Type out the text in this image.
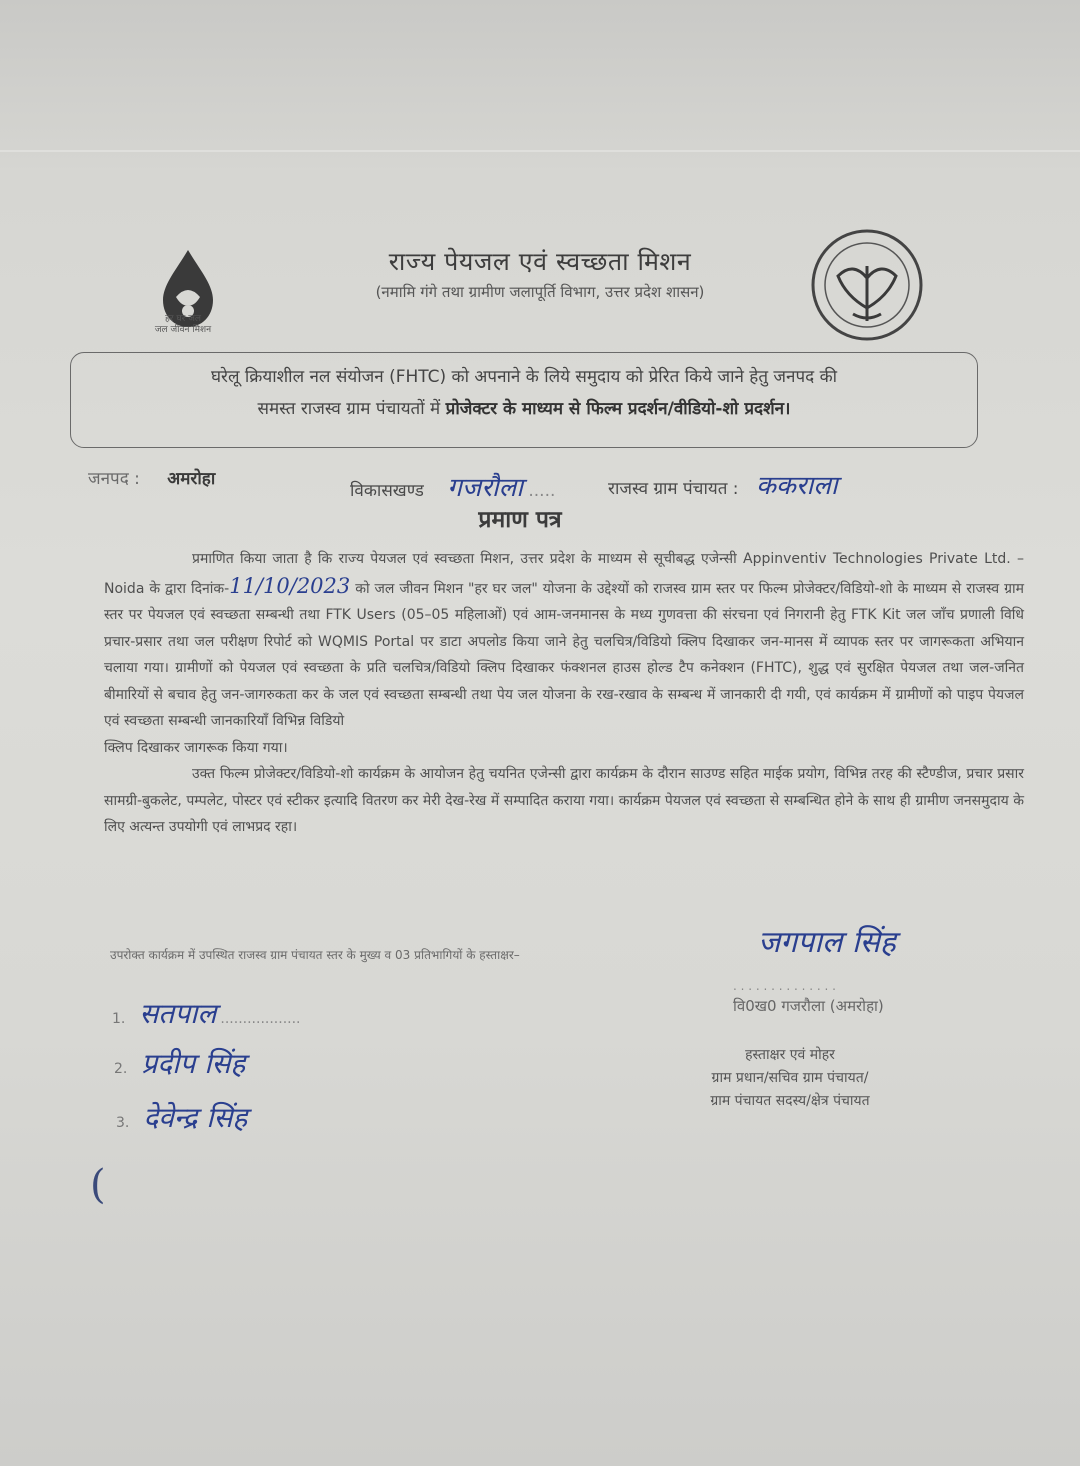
हर घर जल
जल जीवन मिशन
राज्य पेयजल एवं स्वच्छता मिशन
(नमामि गंगे तथा ग्रामीण जलापूर्ति विभाग, उत्तर प्रदेश शासन)
घरेलू क्रियाशील नल संयोजन (FHTC) को अपनाने के लिये समुदाय को प्रेरित किये जाने हेतु जनपद की
समस्त राजस्व ग्राम पंचायतों में प्रोजेक्टर के माध्यम से फिल्म प्रदर्शन/वीडियो-शो प्रदर्शन।
जनपद : अमरोहा
विकासखण्ड गजरौला .....	राजस्व ग्राम पंचायत : ककराला
प्रमाण पत्र

प्रमाणित किया जाता है कि राज्य पेयजल एवं स्वच्छता मिशन, उत्तर प्रदेश के माध्यम से सूचीबद्ध एजेन्सी Appinventiv Technologies Private Ltd. – Noida के द्वारा दिनांक-11/10/2023 को जल जीवन मिशन "हर घर जल" योजना के उद्देश्यों को राजस्व ग्राम स्तर पर फिल्म प्रोजेक्टर/विडियो-शो के माध्यम से राजस्व ग्राम स्तर पर पेयजल एवं स्वच्छता सम्बन्धी तथा FTK Users (05–05 महिलाओं) एवं आम-जनमानस के मध्य गुणवत्ता की संरचना एवं निगरानी हेतु FTK Kit जल जाँच प्रणाली विधि प्रचार-प्रसार तथा जल परीक्षण रिपोर्ट को WQMIS Portal पर डाटा अपलोड किया जाने हेतु चलचित्र/विडियो क्लिप दिखाकर जन-मानस में व्यापक स्तर पर जागरूकता अभियान चलाया गया। ग्रामीणों को पेयजल एवं स्वच्छता के प्रति चलचित्र/विडियो क्लिप दिखाकर फंक्शनल हाउस होल्ड टैप कनेक्शन (FHTC), शुद्ध एवं सुरक्षित पेयजल तथा जल-जनित बीमारियों से बचाव हेतु जन-जागरुकता कर के जल एवं स्वच्छता सम्बन्धी तथा पेय जल योजना के रख-रखाव के सम्बन्ध में जानकारी दी गयी, एवं कार्यक्रम में ग्रामीणों को पाइप पेयजल एवं स्वच्छता सम्बन्धी जानकारियाँ विभिन्न विडियो

क्लिप दिखाकर जागरूक किया गया।

उक्त फिल्म प्रोजेक्टर/विडियो-शो कार्यक्रम के आयोजन हेतु चयनित एजेन्सी द्वारा कार्यक्रम के दौरान साउण्ड सहित माईक प्रयोग, विभिन्न तरह की स्टैण्डीज, प्रचार प्रसार सामग्री-बुकलेट, पम्पलेट, पोस्टर एवं स्टीकर इत्यादि वितरण कर मेरी देख-रेख में सम्पादित कराया गया। कार्यक्रम पेयजल एवं स्वच्छता से सम्बन्धित होने के साथ ही ग्रामीण जनसमुदाय के लिए अत्यन्त उपयोगी एवं लाभप्रद रहा।

उपरोक्त कार्यक्रम में उपस्थित राजस्व ग्राम पंचायत स्तर के मुख्य व 03 प्रतिभागियों के हस्ताक्षर–
1. सतपाल ..................
2. प्रदीप सिंह
3. देवेन्द्र सिंह
जगपाल सिंह
. . . . . . . . . . . . . .
वि0ख0 गजरौला (अमरोहा)
हस्ताक्षर एवं मोहर
ग्राम प्रधान/सचिव ग्राम पंचायत/
ग्राम पंचायत सदस्य/क्षेत्र पंचायत
(
